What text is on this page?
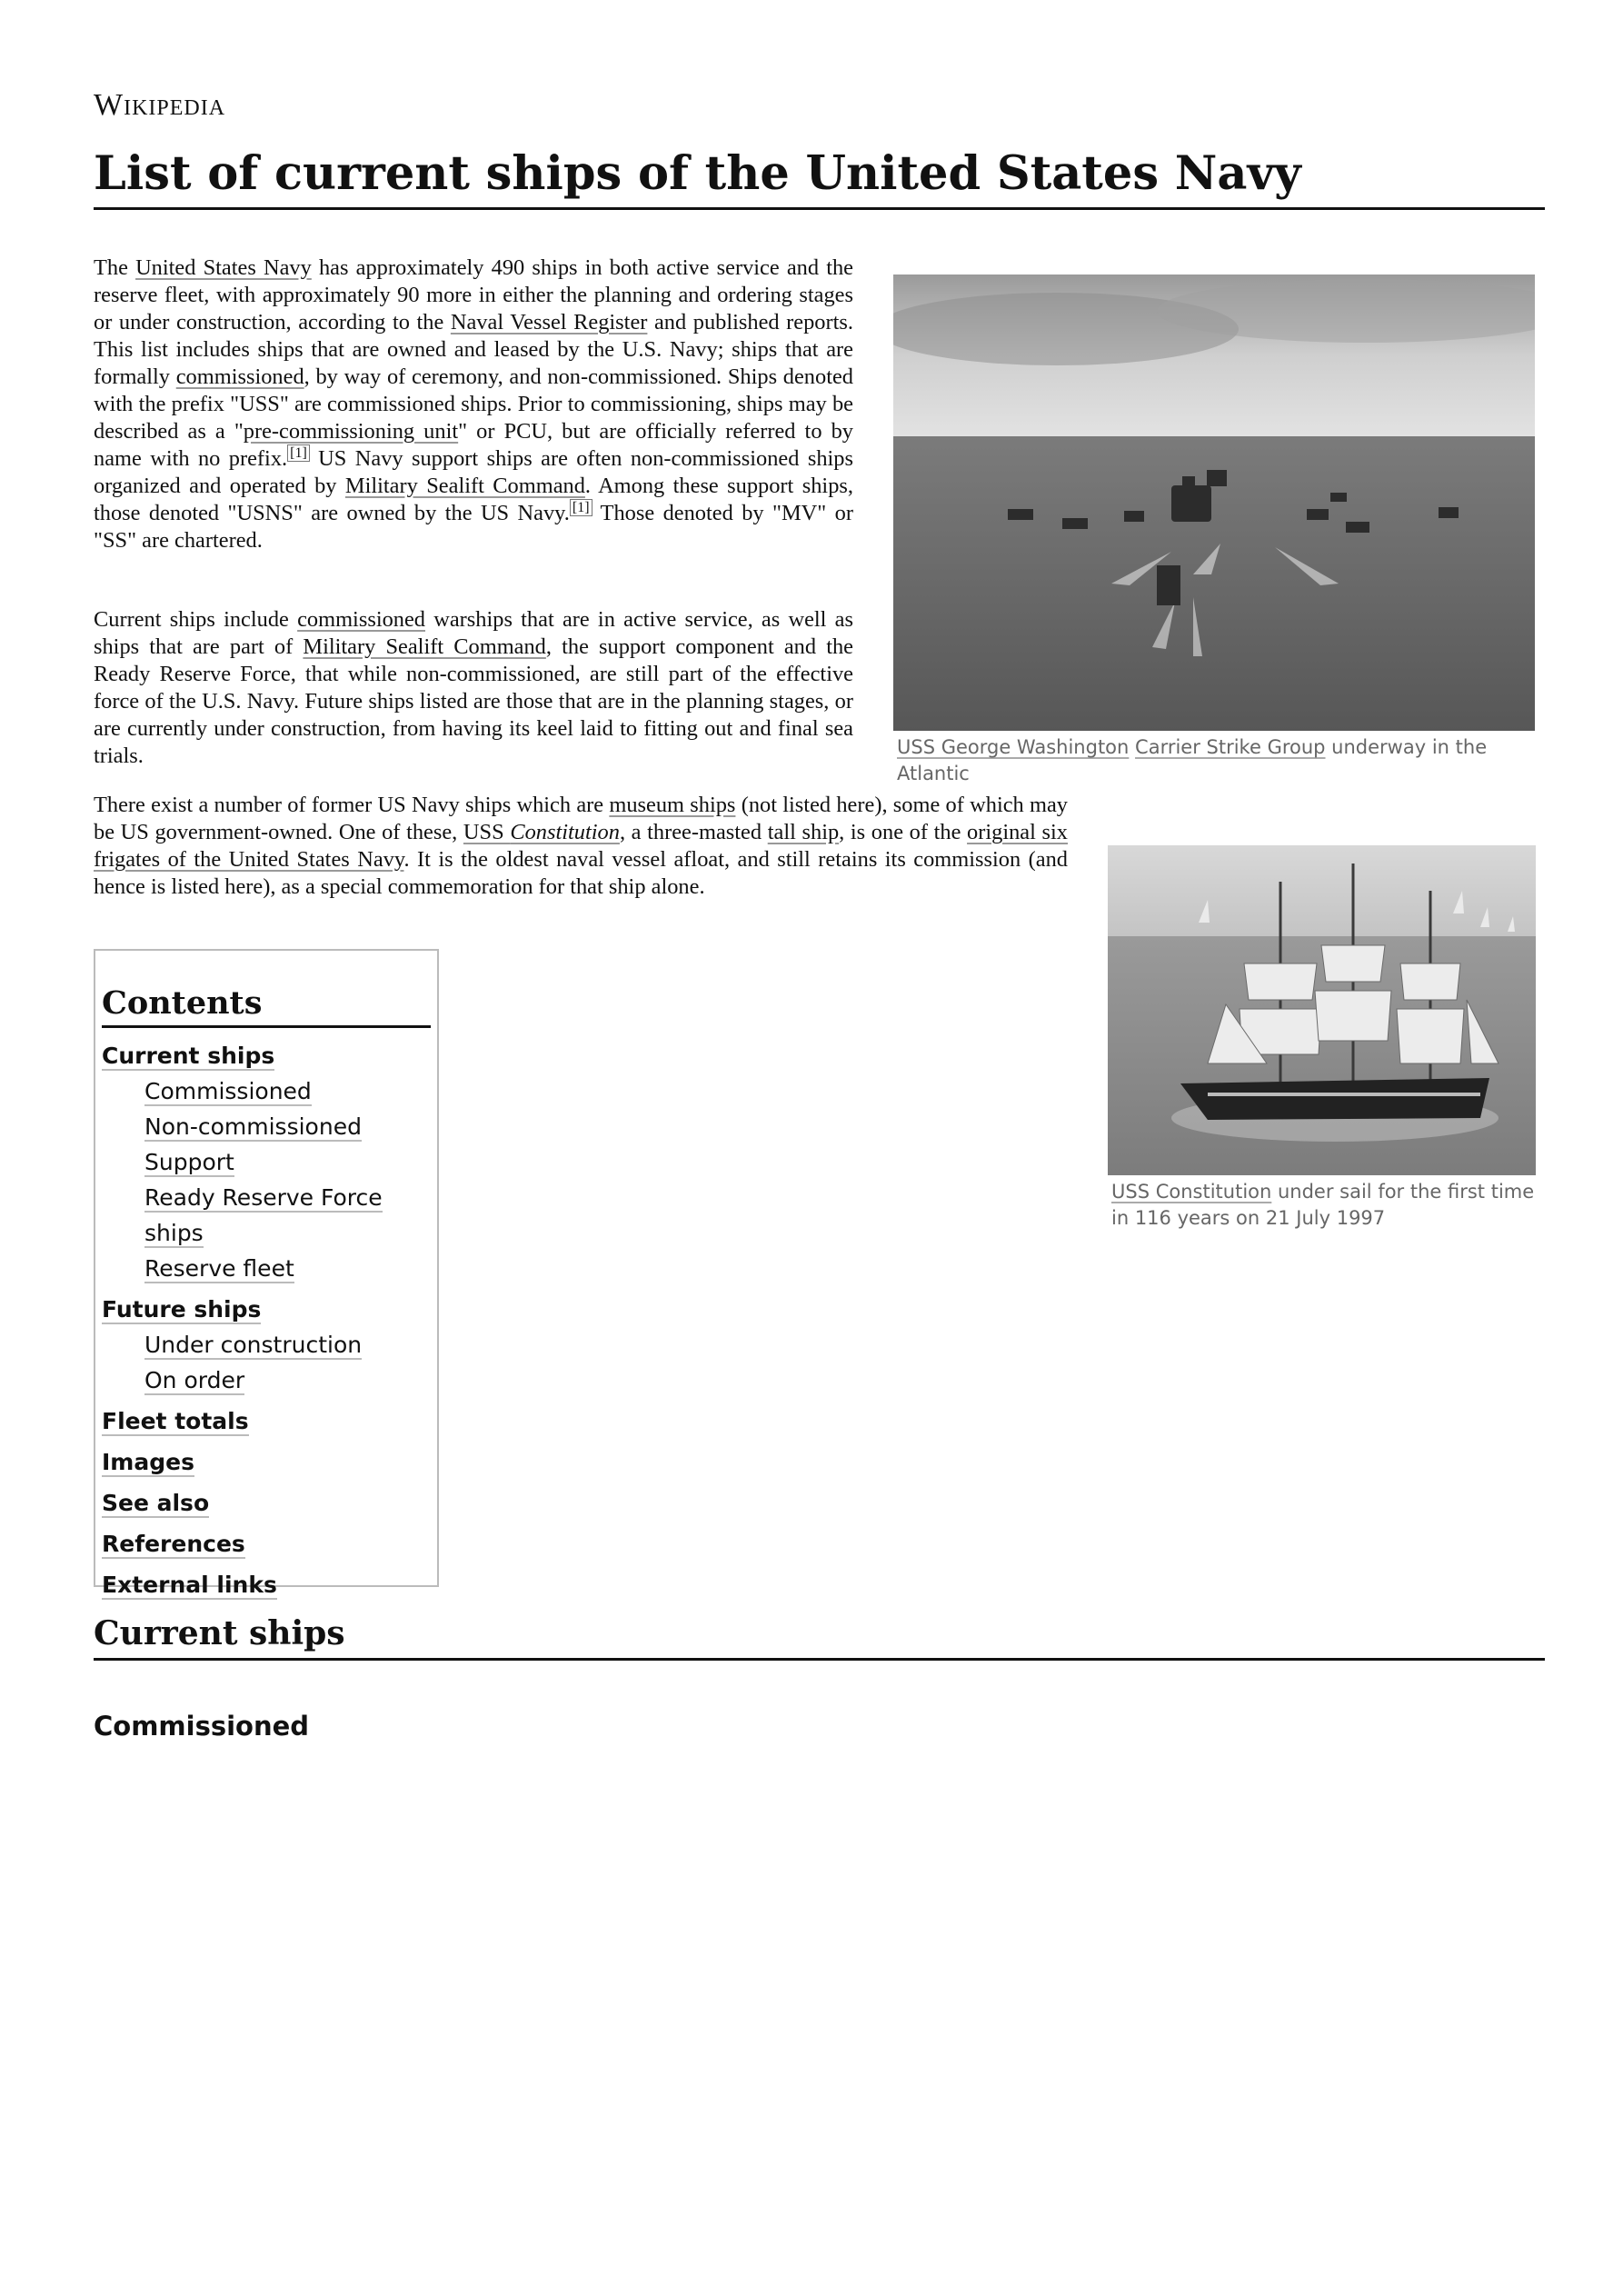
Wikipedia
List of current ships of the United States Navy

The United States Navy has approximately 490 ships in both active service and the reserve fleet, with approximately 90 more in either the planning and ordering stages or under construction, according to the Naval Vessel Register and published reports. This list includes ships that are owned and leased by the U.S. Navy; ships that are formally commissioned, by way of ceremony, and non-commissioned. Ships denoted with the prefix "USS" are commissioned ships. Prior to commissioning, ships may be described as a "pre-commissioning unit" or PCU, but are officially referred to by name with no prefix. [1] US Navy support ships are often non-commissioned ships organized and operated by Military Sealift Command. Among these support ships, those denoted "USNS" are owned by the US Navy. [1] Those denoted by "MV" or "SS" are chartered.

Current ships include commissioned warships that are in active service, as well as ships that are part of Military Sealift Command, the support component and the Ready Reserve Force, that while non-commissioned, are still part of the effective force of the U.S. Navy. Future ships listed are those that are in the planning stages, or are currently under construction, from having its keel laid to fitting out and final sea trials.

There exist a number of former US Navy ships which are museum ships (not listed here), some of which may be US government-owned. One of these, USS Constitution, a three-masted tall ship, is one of the original six frigates of the United States Navy. It is the oldest naval vessel afloat, and still retains its commission (and hence is listed here), as a special commemoration for that ship alone.

USS George Washington Carrier Strike Group underway in the Atlantic
USS Constitution under sail for the first time in 116 years on 21 July 1997
Contents
Current ships
Commissioned
Non-commissioned
Support
Ready Reserve Force ships
Reserve fleet
Future ships
Under construction
On order
Fleet totals
Images
See also
References
External links
Current ships
Commissioned
